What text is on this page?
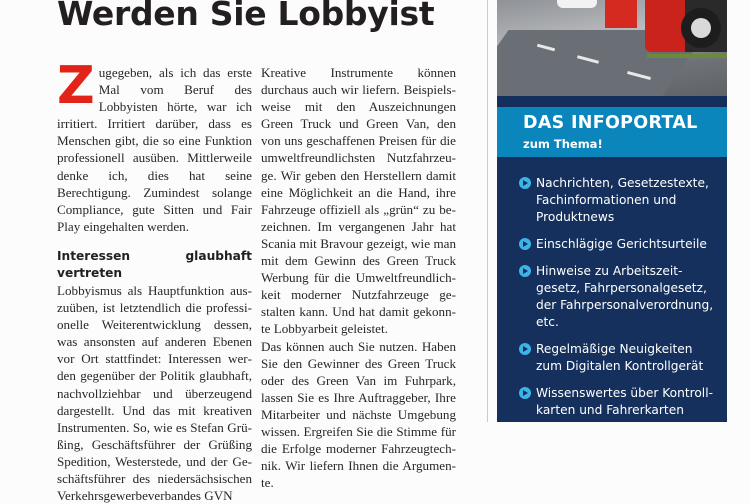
Werden Sie Lobbyist

Zugegeben, als ich das erste Mal vom Beruf des Lobbyisten hörte, war ich irritiert. Irritiert darüber, dass es Menschen gibt, die so eine Funktion professionell ausüben. Mittlerweile denke ich, dies hat seine Berechtigung. Zumindest solange Compliance, gute Sitten und Fair Play eingehalten werden.

Interessen glaubhaft vertreten

Lobbyismus als Hauptfunktion auszuüben, ist letztendlich die professionelle Weiterentwicklung dessen, was ansonsten auf anderen Ebenen vor Ort stattfindet: Interessen werden gegenüber der Politik glaubhaft, nachvollziehbar und überzeugend dargestellt. Und das mit kreativen Instrumenten. So, wie es Stefan Grüßing, Geschäftsführer der Grüßing Spedition, Westerstede, und der Geschäftsführer des niedersächsischen Verkehrsgewerbeverbandes GVN

Kreative Instrumente können durchaus auch wir liefern. Beispielsweise mit den Auszeichnungen Green Truck und Green Van, den von uns geschaffenen Preisen für die umweltfreundlichsten Nutzfahrzeuge. Wir geben den Herstellern damit eine Möglichkeit an die Hand, ihre Fahrzeuge offiziell als „grün“ zu bezeichnen. Im vergangenen Jahr hat Scania mit Bravour gezeigt, wie man mit dem Gewinn des Green Truck Werbung für die Umweltfreundlichkeit moderner Nutzfahrzeuge gestalten kann. Und hat damit gekonnte Lobbyarbeit geleistet.

Das können auch Sie nutzen. Haben Sie den Gewinner des Green Truck oder des Green Van im Fuhrpark, lassen Sie es Ihre Auftraggeber, Ihre Mitarbeiter und nächste Umgebung wissen. Ergreifen Sie die Stimme für die Erfolge moderner Fahrzeugtechnik. Wir liefern Ihnen die Argumente.

DAS INFOPORTAL
zum Thema!
Nachrichten, Gesetzestexte, Fachinformationen und Produktnews
Einschlägige Gerichtsurteile
Hinweise zu Arbeitszeitgesetz, Fahrpersonalgesetz, der Fahrpersonalverordnung, etc.
Regelmäßige Neuigkeiten zum Digitalen Kontrollgerät
Wissenswertes über Kontrollkarten und Fahrerkarten
